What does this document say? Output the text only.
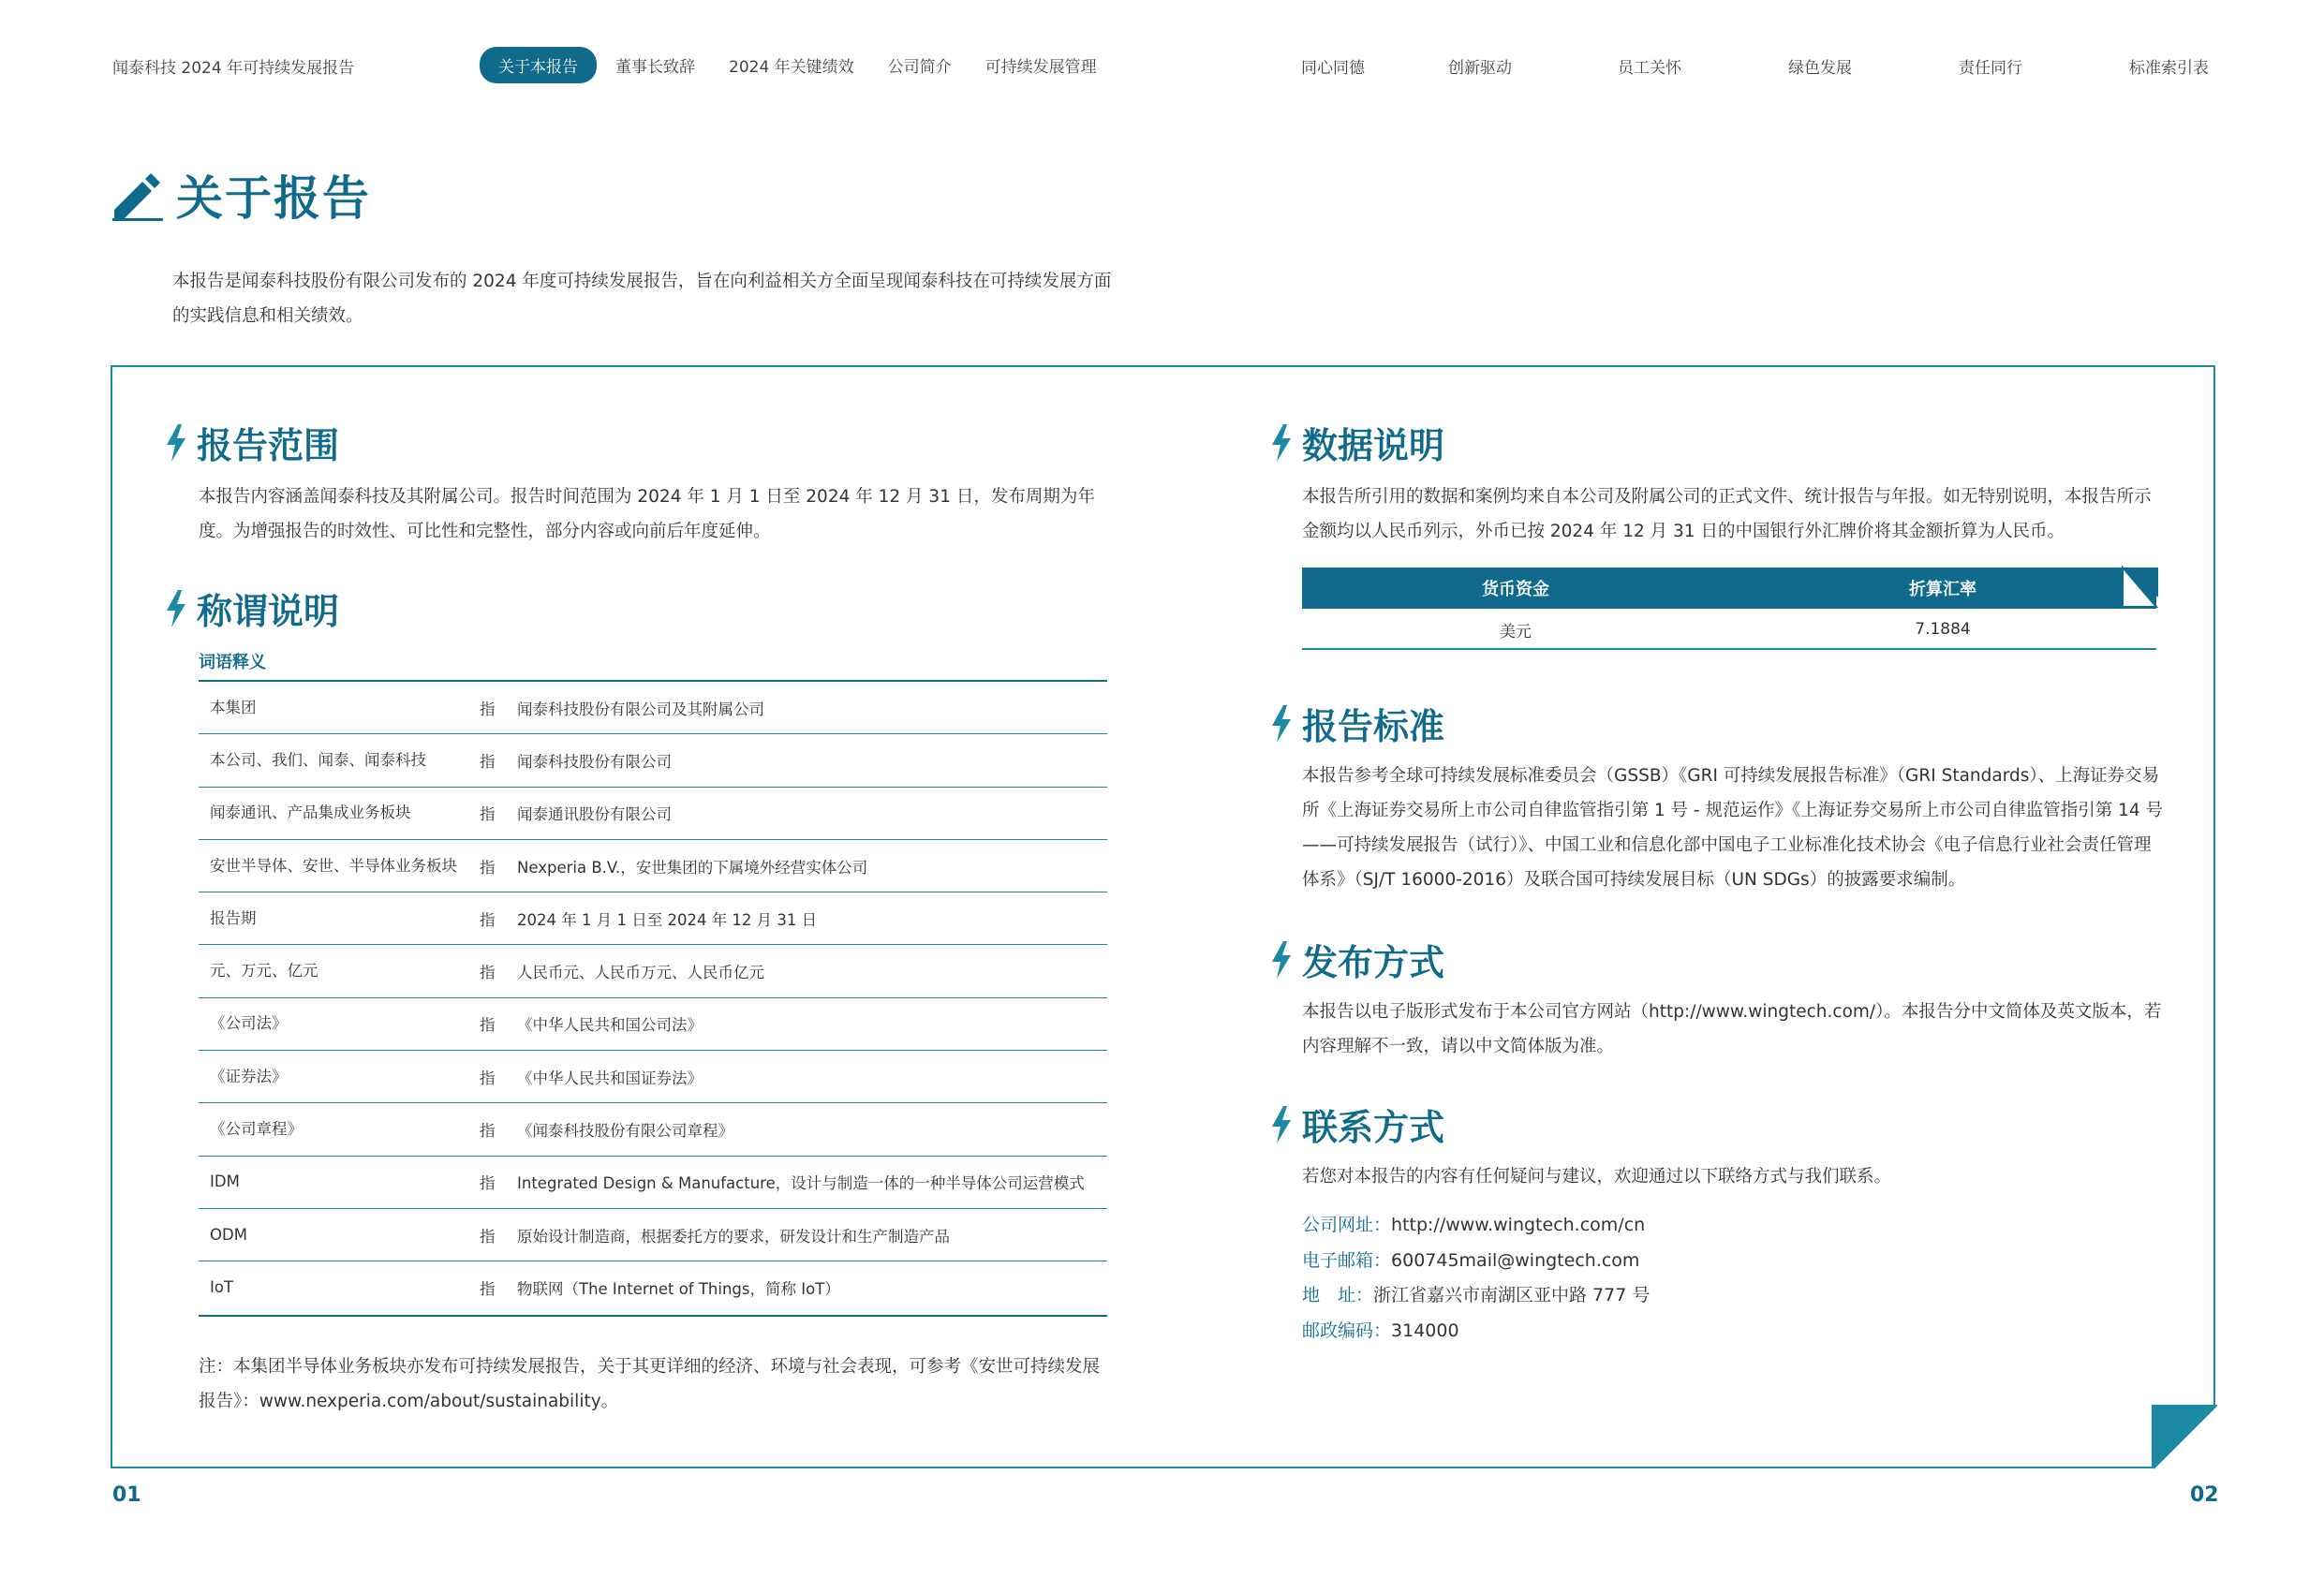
闻泰科技 2024 年可持续发展报告	关于本报告	董事长致辞 2024 年关键绩效 公司简介 可持续发展管理	同心同德	创新驱动	员工关怀	绿色发展	责任同行	标准索引表
关于报告

本报告是闻泰科技股份有限公司发布的 2024 年度可持续发展报告，旨在向利益相关方全面呈现闻泰科技在可持续发展方面的实践信息和相关绩效。

报告范围

本报告内容涵盖闻泰科技及其附属公司。报告时间范围为 2024 年 1 月 1 日至 2024 年 12 月 31 日，发布周期为年度。为增强报告的时效性、可比性和完整性，部分内容或向前后年度延伸。

称谓说明
词语释义
本集团	指 闻泰科技股份有限公司及其附属公司
本公司、我们、闻泰、闻泰科技	指 闻泰科技股份有限公司
闻泰通讯、产品集成业务板块	指 闻泰通讯股份有限公司
安世半导体、安世、半导体业务板块 指 Nexperia B.V.，安世集团的下属境外经营实体公司
报告期	指 2024 年 1 月 1 日至 2024 年 12 月 31 日
元、万元、亿元	指 人民币元、人民币万元、人民币亿元
《公司法》	指 《中华人民共和国公司法》
《证券法》	指 《中华人民共和国证券法》
《公司章程》	指 《闻泰科技股份有限公司章程》
IDM	指 Integrated Design & Manufacture，设计与制造一体的一种半导体公司运营模式
ODM	指 原始设计制造商，根据委托方的要求，研发设计和生产制造产品
IoT	指 物联网（The Internet of Things，简称 IoT）

注：本集团半导体业务板块亦发布可持续发展报告，关于其更详细的经济、环境与社会表现，可参考《安世可持续发展报告》：www.nexperia.com/about/sustainability。

数据说明

本报告所引用的数据和案例均来自本公司及附属公司的正式文件、统计报告与年报。如无特别说明，本报告所示金额均以人民币列示，外币已按 2024 年 12 月 31 日的中国银行外汇牌价将其金额折算为人民币。

货币资金	折算汇率
美元	7.1884
报告标准

本报告参考全球可持续发展标准委员会（GSSB）《GRI 可持续发展报告标准》（GRI Standards）、上海证券交易所《上海证券交易所上市公司自律监管指引第 1 号 - 规范运作》《上海证券交易所上市公司自律监管指引第 14 号——可持续发展报告（试行）》、中国工业和信息化部中国电子工业标准化技术协会《电子信息行业社会责任管理体系》（SJ/T 16000-2016）及联合国可持续发展目标（UN SDGs）的披露要求编制。

发布方式

本报告以电子版形式发布于本公司官方网站（http://www.wingtech.com/）。本报告分中文简体及英文版本，若内容理解不一致，请以中文简体版为准。

联系方式

若您对本报告的内容有任何疑问与建议，欢迎通过以下联络方式与我们联系。

公司网址：http://www.wingtech.com/cn
电子邮箱：600745mail@wingtech.com
地　址：浙江省嘉兴市南湖区亚中路 777 号
邮政编码：314000
01	02
